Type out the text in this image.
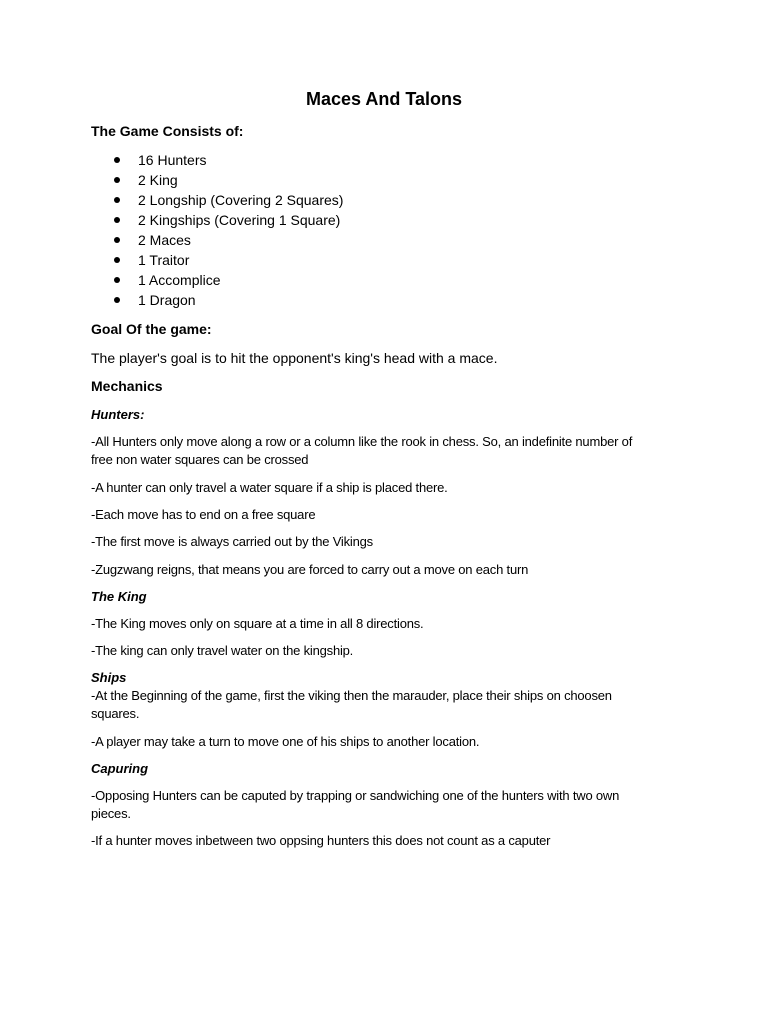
Maces And Talons
The Game Consists of:
16 Hunters
2 King
2 Longship (Covering 2 Squares)
2 Kingships (Covering 1 Square)
2 Maces
1 Traitor
1 Accomplice
1 Dragon
Goal Of the game:
The player's goal is to hit the opponent's king's head with a mace.
Mechanics
Hunters:
-All Hunters only move along a row or a column like the rook in chess. So, an indefinite number of
free non water squares can be crossed
-A hunter can only travel a water square if a ship is placed there.
-Each move has to end on a free square
-The first move is always carried out by the Vikings
-Zugzwang reigns, that means you are forced to carry out a move on each turn
The King
-The King moves only on square at a time in all 8 directions.
-The king can only travel water on the kingship.
Ships
-At the Beginning of the game, first the viking then the marauder, place their ships on choosen
squares.
-A player may take a turn to move one of his ships to another location.
Capuring
-Opposing Hunters can be caputed by trapping or sandwiching one of the hunters with two own
pieces.
-If a hunter moves inbetween two oppsing hunters this does not count as a caputer
